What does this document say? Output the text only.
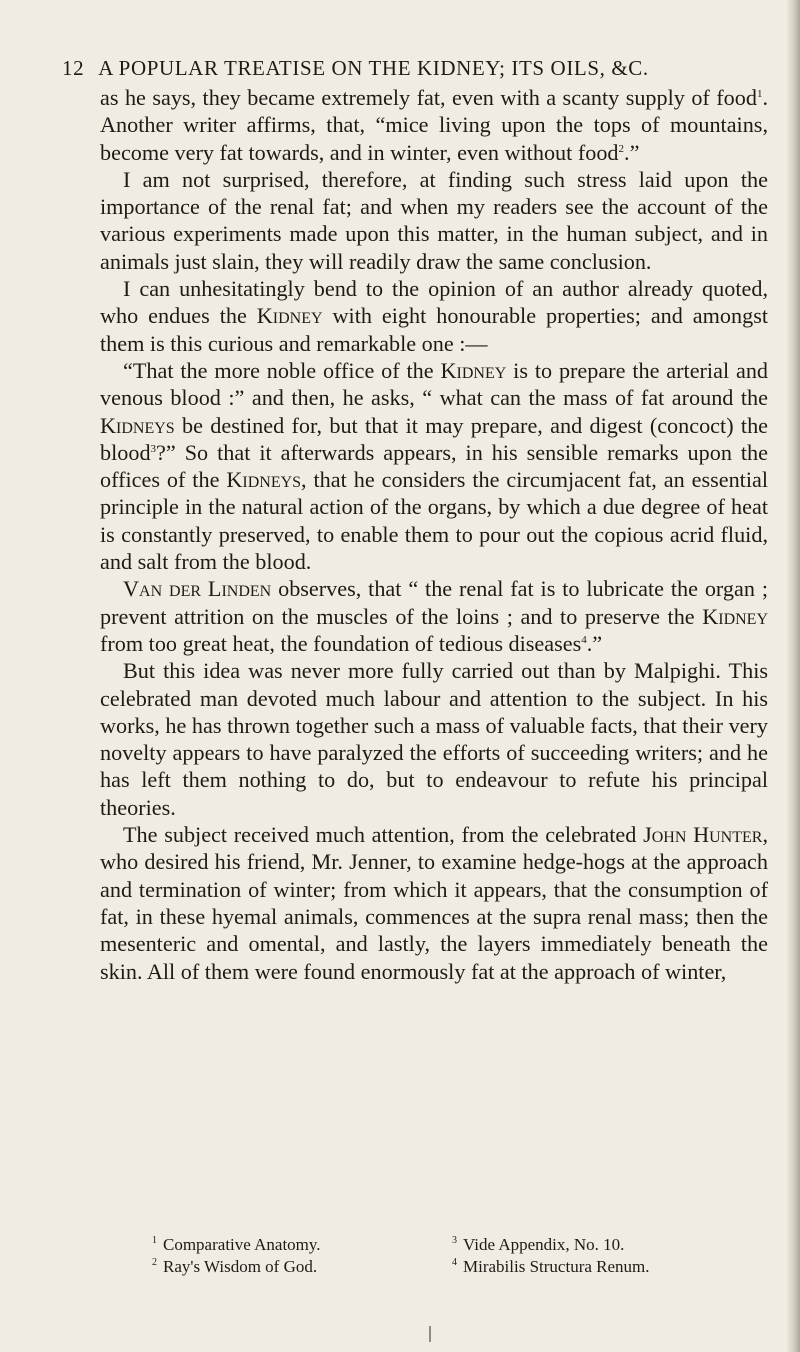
12 A POPULAR TREATISE ON THE KIDNEY; ITS OILS, &C.

as he says, they became extremely fat, even with a scanty supply of food$^1$. Another writer affirms, that, “mice living upon the tops of mountains, become very fat towards, and in winter, even without food$^2$.”

I am not surprised, therefore, at finding such stress laid upon the importance of the renal fat; and when my readers see the account of the various experiments made upon this matter, in the human subject, and in animals just slain, they will readily draw the same conclusion.

I can unhesitatingly bend to the opinion of an author already quoted, who endues the Kidney with eight honourable properties; and amongst them is this curious and remarkable one :—

“That the more noble office of the Kidney is to prepare the arterial and venous blood :” and then, he asks, “ what can the mass of fat around the Kidneys be destined for, but that it may prepare, and digest (concoct) the blood$^3$?” So that it afterwards appears, in his sensible remarks upon the offices of the Kidneys, that he considers the circumjacent fat, an essential principle in the natural action of the organs, by which a due degree of heat is constantly preserved, to enable them to pour out the copious acrid fluid, and salt from the blood.

Van der Linden observes, that “ the renal fat is to lubricate the organ ; prevent attrition on the muscles of the loins ; and to preserve the Kidney from too great heat, the foundation of tedious diseases$^4$.”

But this idea was never more fully carried out than by Malpighi. This celebrated man devoted much labour and attention to the subject. In his works, he has thrown together such a mass of valuable facts, that their very novelty appears to have paralyzed the efforts of succeeding writers; and he has left them nothing to do, but to endeavour to refute his principal theories.

The subject received much attention, from the celebrated John Hunter, who desired his friend, Mr. Jenner, to examine hedge-hogs at the approach and termination of winter; from which it appears, that the consumption of fat, in these hyemal animals, commences at the supra renal mass; then the mesenteric and omental, and lastly, the layers immediately beneath the skin. All of them were found enormously fat at the approach of winter,

$^1$ Comparative Anatomy.
$^2$ Ray's Wisdom of God.
$^3$ Vide Appendix, No. 10.
$^4$ Mirabilis Structura Renum.
